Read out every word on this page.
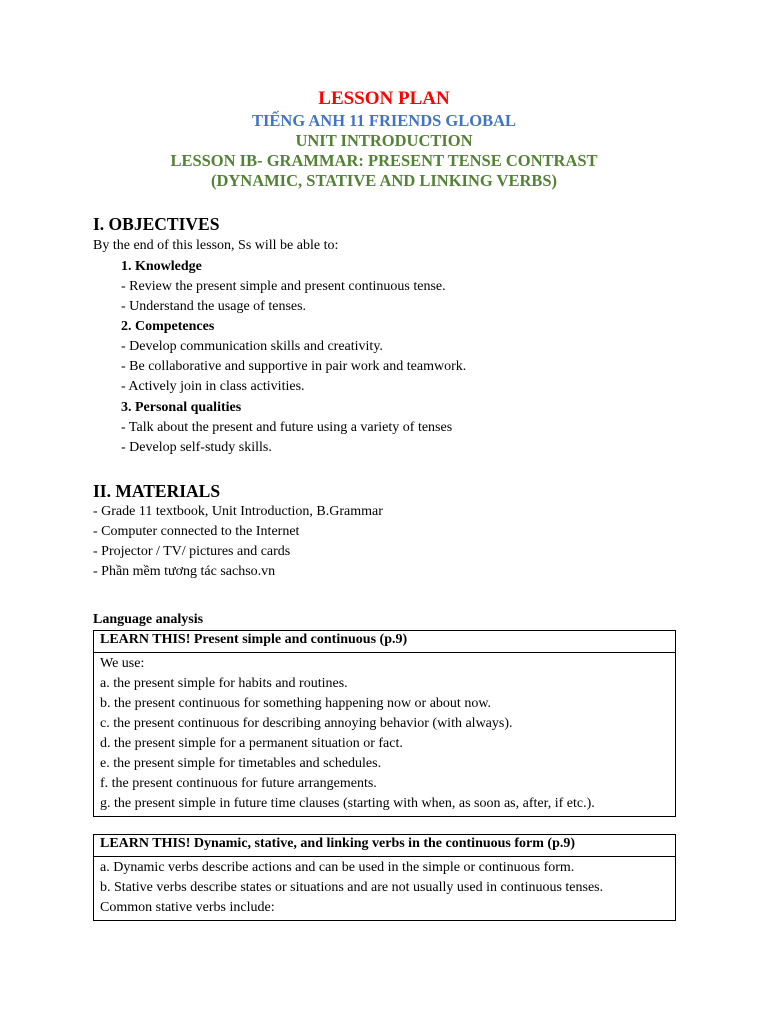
LESSON PLAN
TIẾNG ANH 11 FRIENDS GLOBAL
UNIT INTRODUCTION
LESSON IB- GRAMMAR: PRESENT TENSE CONTRAST
(DYNAMIC, STATIVE AND LINKING VERBS)
I. OBJECTIVES
By the end of this lesson, Ss will be able to:
1. Knowledge
- Review the present simple and present continuous tense.
- Understand the usage of tenses.
2. Competences
- Develop communication skills and creativity.
- Be collaborative and supportive in pair work and teamwork.
- Actively join in class activities.
3. Personal qualities
- Talk about the present and future using a variety of tenses
- Develop self-study skills.
II. MATERIALS
- Grade 11 textbook, Unit Introduction, B.Grammar
- Computer connected to the Internet
- Projector / TV/ pictures and cards
- Phần mềm tương tác sachso.vn
Language analysis
LEARN THIS! Present simple and continuous (p.9)

We use:
a. the present simple for habits and routines.
b. the present continuous for something happening now or about now.
c. the present continuous for describing annoying behavior (with always).
d. the present simple for a permanent situation or fact.
e. the present simple for timetables and schedules.
f. the present continuous for future arrangements.
g. the present simple in future time clauses (starting with when, as soon as, after, if etc.).
LEARN THIS! Dynamic, stative, and linking verbs in the continuous form (p.9)

a. Dynamic verbs describe actions and can be used in the simple or continuous form.
b. Stative verbs describe states or situations and are not usually used in continuous tenses.
Common stative verbs include:
